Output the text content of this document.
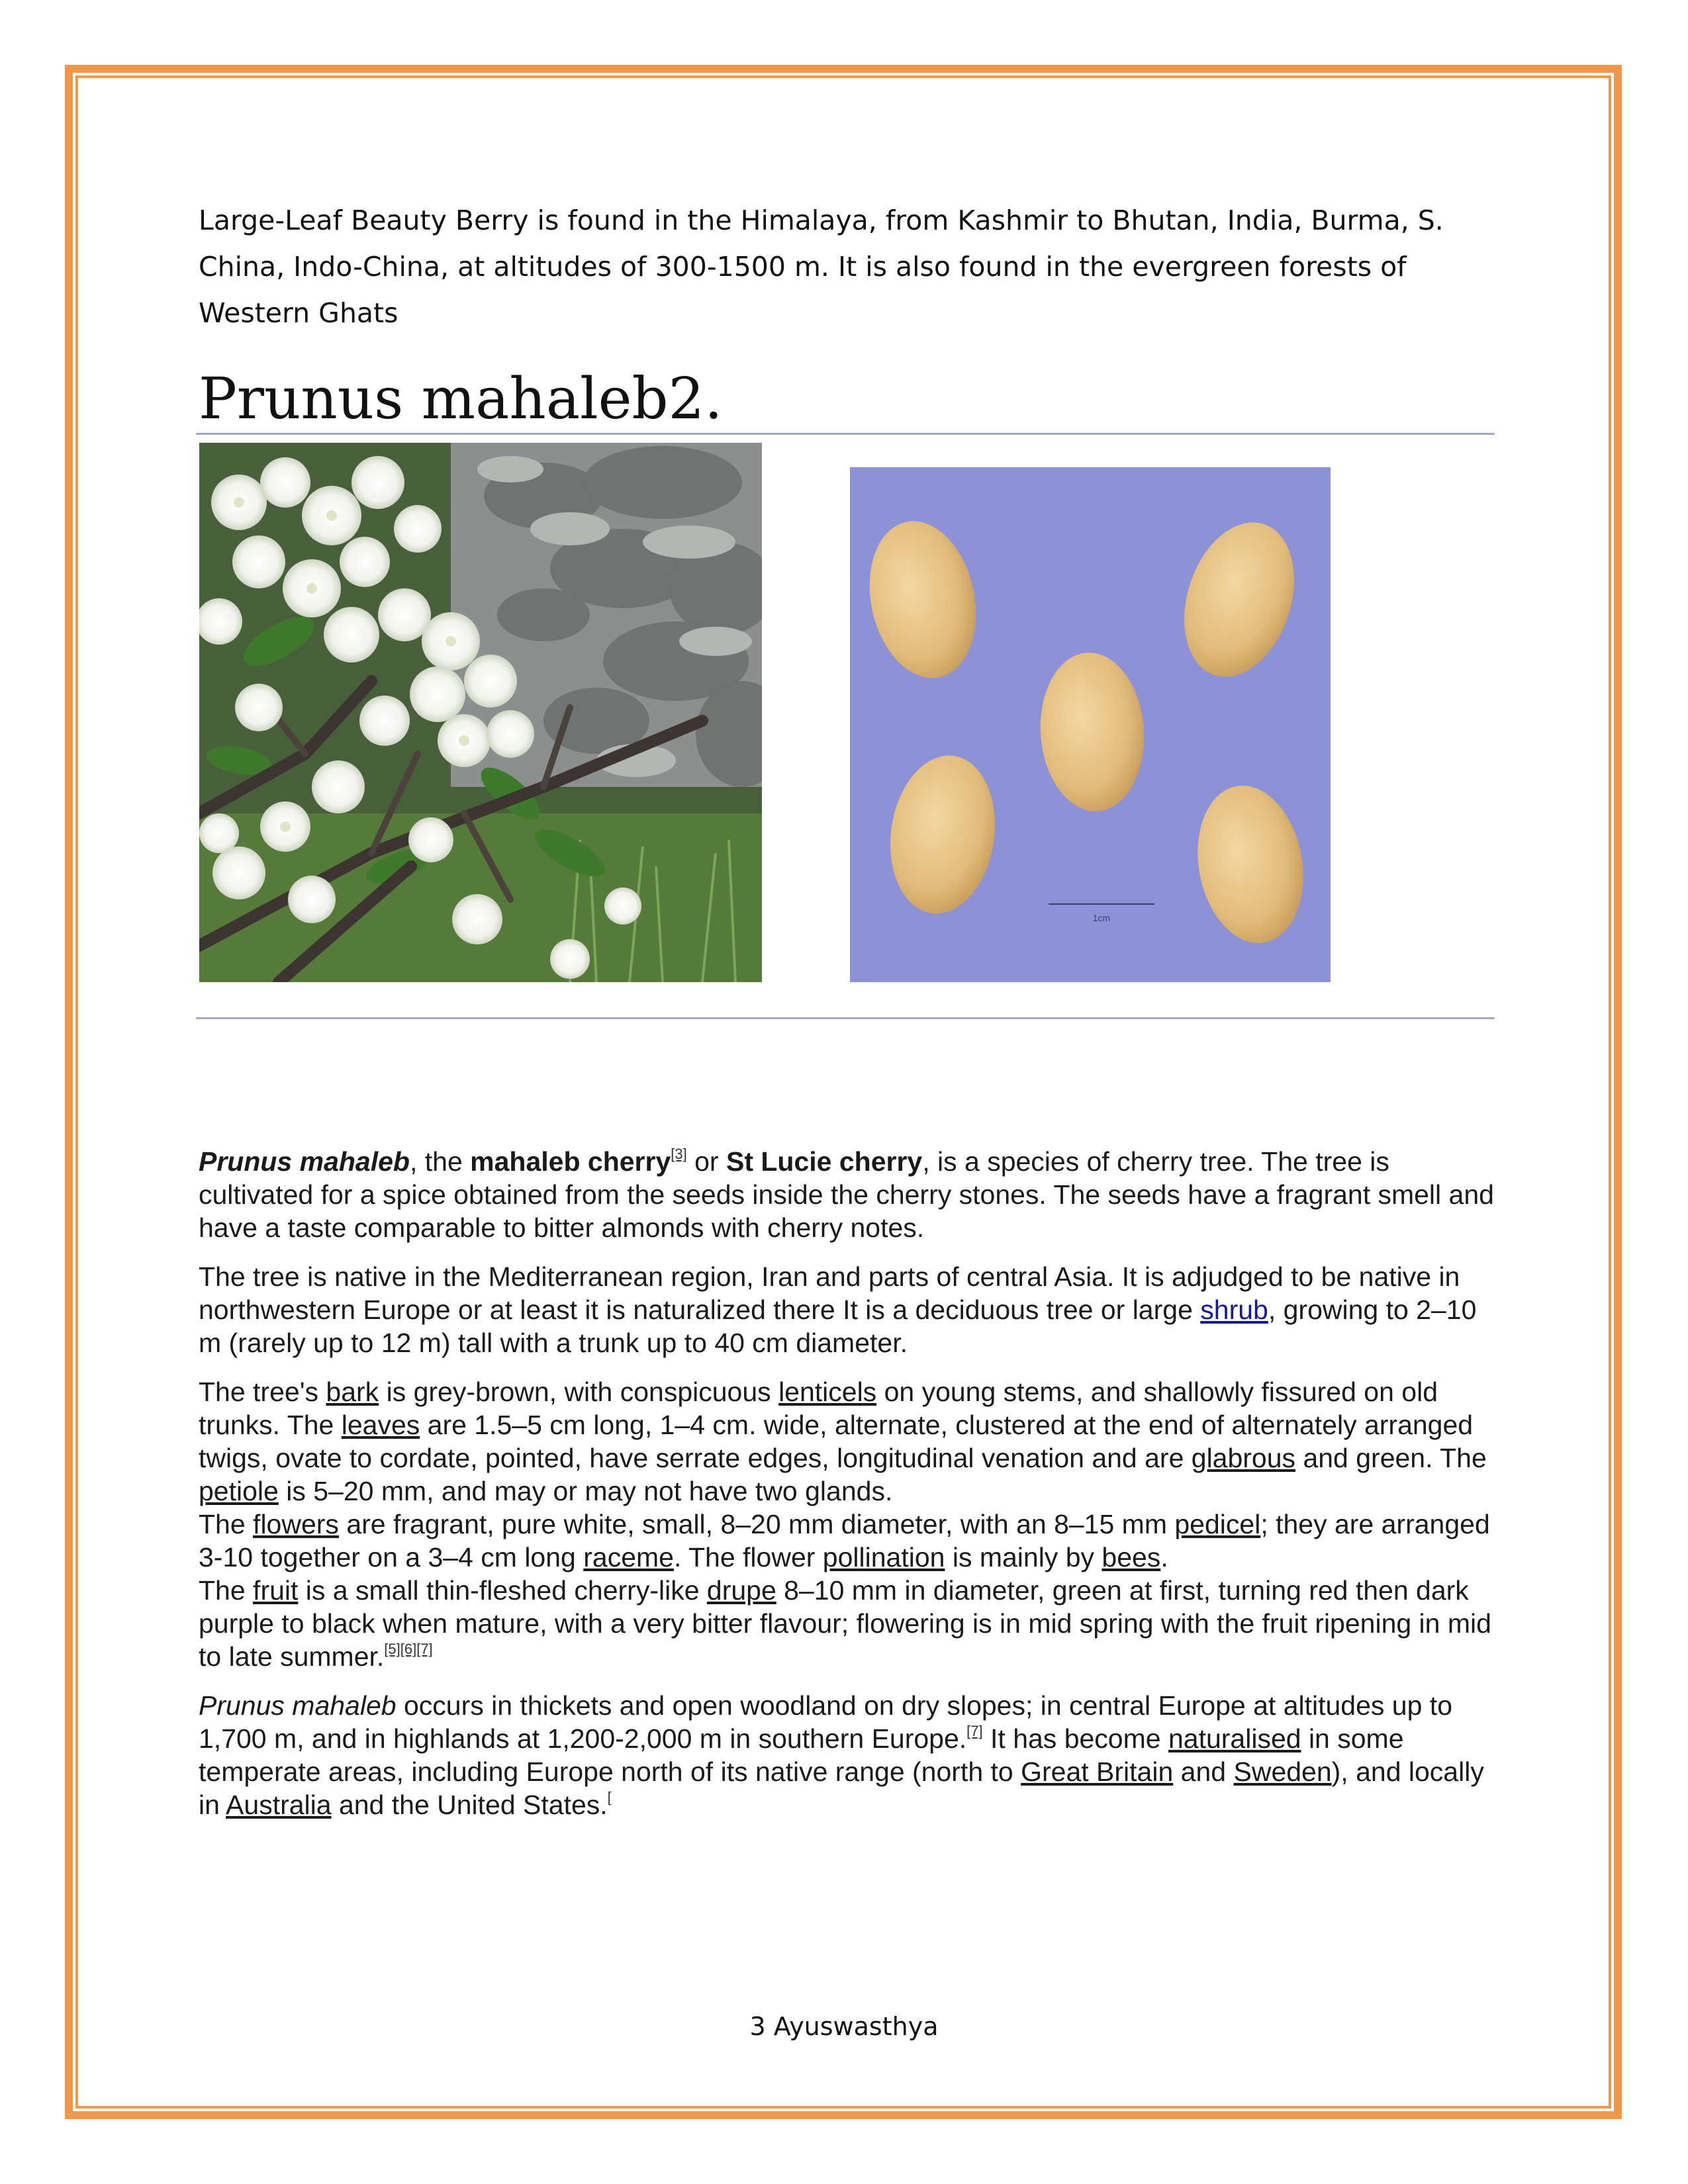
Large-Leaf Beauty Berry is found in the Himalaya, from Kashmir to Bhutan, India, Burma, S. China, Indo-China, at altitudes of 300-1500 m. It is also found in the evergreen forests of Western Ghats
Prunus mahaleb2.
1cm

Prunus mahaleb, the mahaleb cherry[3] or St Lucie cherry, is a species of cherry tree. The tree is cultivated for a spice obtained from the seeds inside the cherry stones. The seeds have a fragrant smell and have a taste comparable to bitter almonds with cherry notes.

The tree is native in the Mediterranean region, Iran and parts of central Asia. It is adjudged to be native in northwestern Europe or at least it is naturalized there It is a deciduous tree or large shrub, growing to 2–10 m (rarely up to 12 m) tall with a trunk up to 40 cm diameter.

The tree's bark is grey-brown, with conspicuous lenticels on young stems, and shallowly fissured on old trunks. The leaves are 1.5–5 cm long, 1–4 cm. wide, alternate, clustered at the end of alternately arranged twigs, ovate to cordate, pointed, have serrate edges, longitudinal venation and are glabrous and green. The petiole is 5–20 mm, and may or may not have two glands.

The flowers are fragrant, pure white, small, 8–20 mm diameter, with an 8–15 mm pedicel; they are arranged 3-10 together on a 3–4 cm long raceme. The flower pollination is mainly by bees.

The fruit is a small thin-fleshed cherry-like drupe 8–10 mm in diameter, green at first, turning red then dark purple to black when mature, with a very bitter flavour; flowering is in mid spring with the fruit ripening in mid to late summer.[5][6][7]

Prunus mahaleb occurs in thickets and open woodland on dry slopes; in central Europe at altitudes up to 1,700 m, and in highlands at 1,200-2,000 m in southern Europe.[7] It has become naturalised in some temperate areas, including Europe north of its native range (north to Great Britain and Sweden), and locally in Australia and the United States.[

3 Ayuswasthya
